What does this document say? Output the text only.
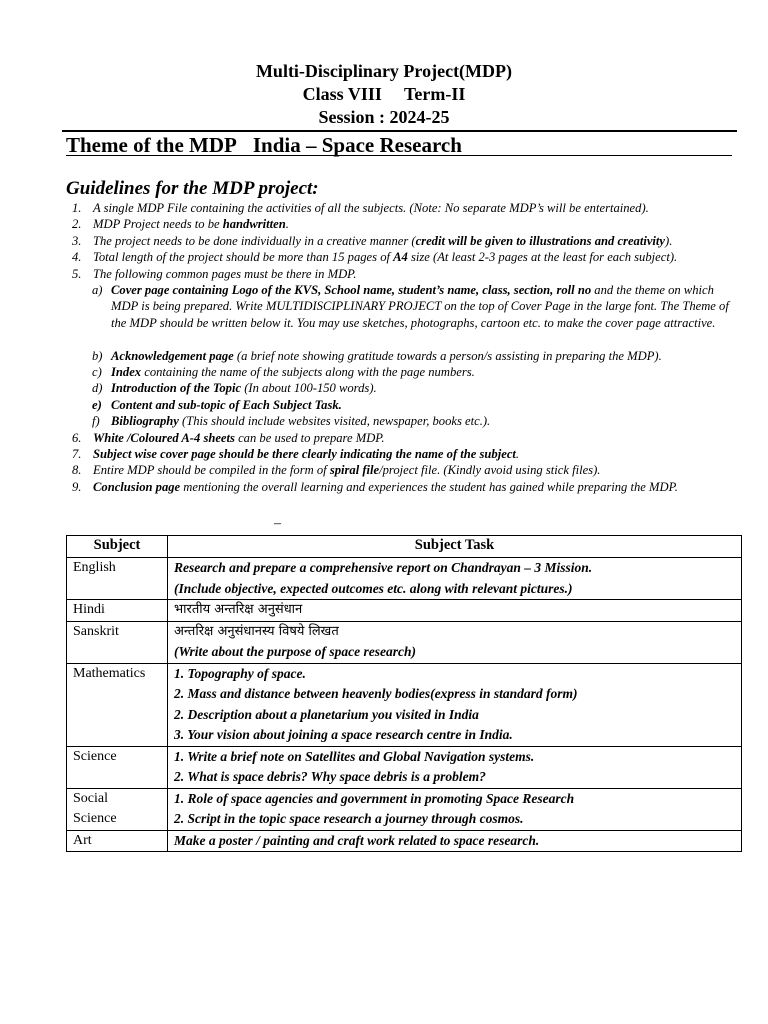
Multi-Disciplinary Project(MDP)
Class VIII     Term-II
Session : 2024-25
Theme of the MDP India – Space Research
Guidelines for the MDP project:
1. A single MDP File containing the activities of all the subjects. (Note: No separate MDP’s will be entertained).
2. MDP Project needs to be handwritten.
3. The project needs to be done individually in a creative manner (credit will be given to illustrations and creativity).
4. Total length of the project should be more than 15 pages of A4 size (At least 2-3 pages at the least for each subject).
5. The following common pages must be there in MDP.
a) Cover page containing Logo of the KVS, School name, student’s name, class, section, roll no and the theme on which MDP is being prepared. Write MULTIDISCIPLINARY PROJECT on the top of Cover Page in the large font. The Theme of the MDP should be written below it. You may use sketches, photographs, cartoon etc. to make the cover page attractive.
b) Acknowledgement page (a brief note showing gratitude towards a person/s assisting in preparing the MDP).
c) Index containing the name of the subjects along with the page numbers.
d) Introduction of the Topic (In about 100-150 words).
e) Content and sub-topic of Each Subject Task.
f) Bibliography (This should include websites visited, newspaper, books etc.).
6. White /Coloured A-4 sheets can be used to prepare MDP.
7. Subject wise cover page should be there clearly indicating the name of the subject.
8. Entire MDP should be compiled in the form of spiral file/project file. (Kindly avoid using stick files).
9. Conclusion page mentioning the overall learning and experiences the student has gained while preparing the MDP.
–
Subject	Subject Task
English	Research and prepare a comprehensive report on Chandrayan – 3 Mission.
(Include objective, expected outcomes etc. along with relevant pictures.)

Hindi	भारतीय अन्तरिक्ष अनुसंधान

Sanskrit	अन्तरिक्ष अनुसंधानस्य विषये लिखत
(Write about the purpose of space research)

Mathematics	1. Topography of space.
2. Mass and distance between heavenly bodies(express in standard form)
2. Description about a planetarium you visited in India
3. Your vision about joining a space research centre in India.

Science	1. Write a brief note on Satellites and Global Navigation systems.
2. What is space debris? Why space debris is a problem?

Social
Science	1. Role of space agencies and government in promoting Space Research
2. Script in the topic space research a journey through cosmos.

Art	Make a poster / painting and craft work related to space research.
